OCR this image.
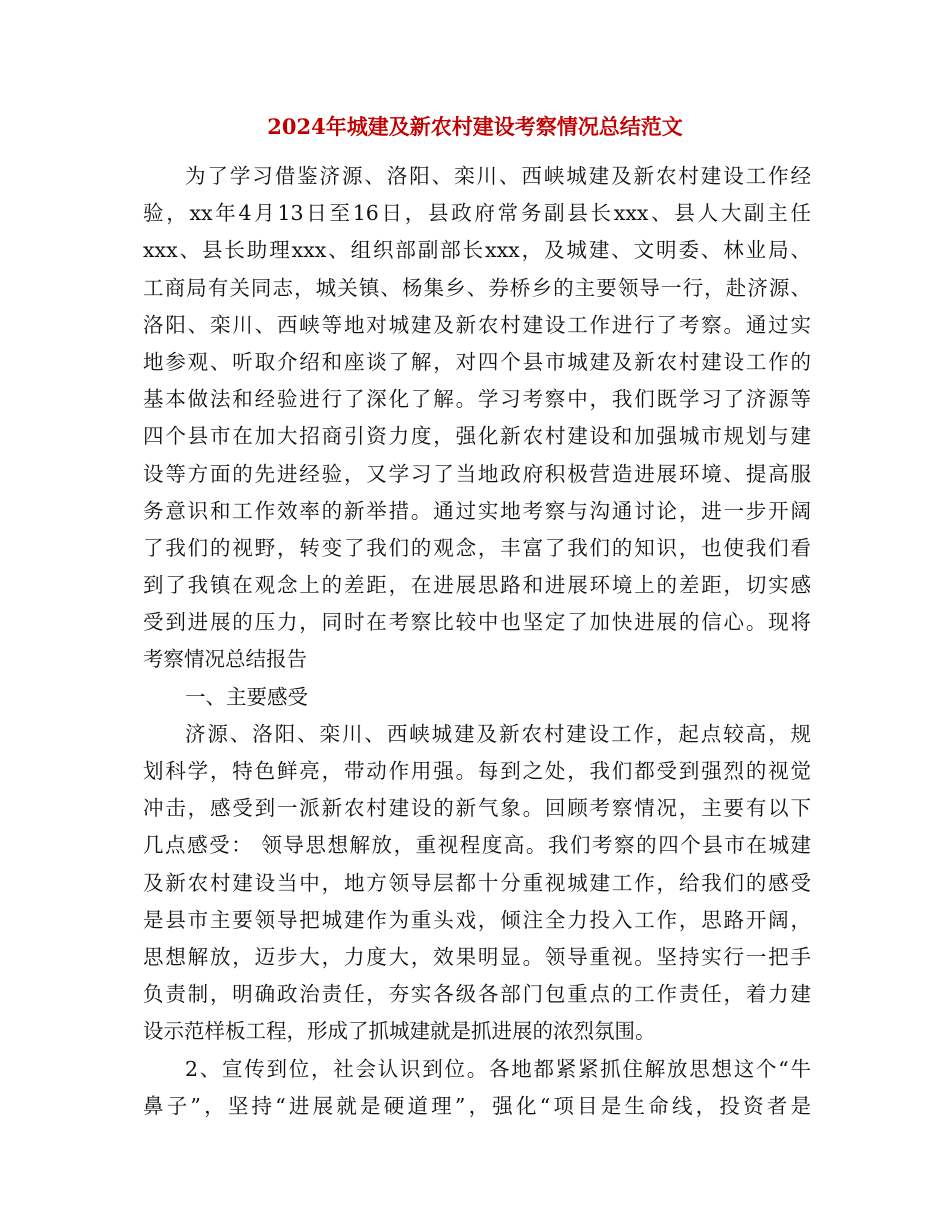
2024年城建及新农村建设考察情况总结范文
为了学习借鉴济源、洛阳、栾川、西峡城建及新农村建设工作经
验，xx年4月13日至16日，县政府常务副县长xxx、县人大副主任
xxx、县长助理xxx、组织部副部长xxx，及城建、文明委、林业局、
工商局有关同志，城关镇、杨集乡、券桥乡的主要领导一行，赴济源、
洛阳、栾川、西峡等地对城建及新农村建设工作进行了考察。通过实
地参观、听取介绍和座谈了解，对四个县市城建及新农村建设工作的
基本做法和经验进行了深化了解。学习考察中，我们既学习了济源等
四个县市在加大招商引资力度，强化新农村建设和加强城市规划与建
设等方面的先进经验，又学习了当地政府积极营造进展环境、提高服
务意识和工作效率的新举措。通过实地考察与沟通讨论，进一步开阔
了我们的视野，转变了我们的观念，丰富了我们的知识，也使我们看
到了我镇在观念上的差距，在进展思路和进展环境上的差距，切实感
受到进展的压力，同时在考察比较中也坚定了加快进展的信心。现将
考察情况总结报告
一、主要感受
济源、洛阳、栾川、西峡城建及新农村建设工作，起点较高，规
划科学，特色鲜亮，带动作用强。每到之处，我们都受到强烈的视觉
冲击，感受到一派新农村建设的新气象。回顾考察情况，主要有以下
几点感受： 领导思想解放，重视程度高。我们考察的四个县市在城建
及新农村建设当中，地方领导层都十分重视城建工作，给我们的感受
是县市主要领导把城建作为重头戏，倾注全力投入工作，思路开阔，
思想解放，迈步大，力度大，效果明显。领导重视。坚持实行一把手
负责制，明确政治责任，夯实各级各部门包重点的工作责任，着力建
设示范样板工程，形成了抓城建就是抓进展的浓烈氛围。
2、宣传到位，社会认识到位。各地都紧紧抓住解放思想这个“牛
鼻子”，坚持“进展就是硬道理”，强化“项目是生命线，投资者是
